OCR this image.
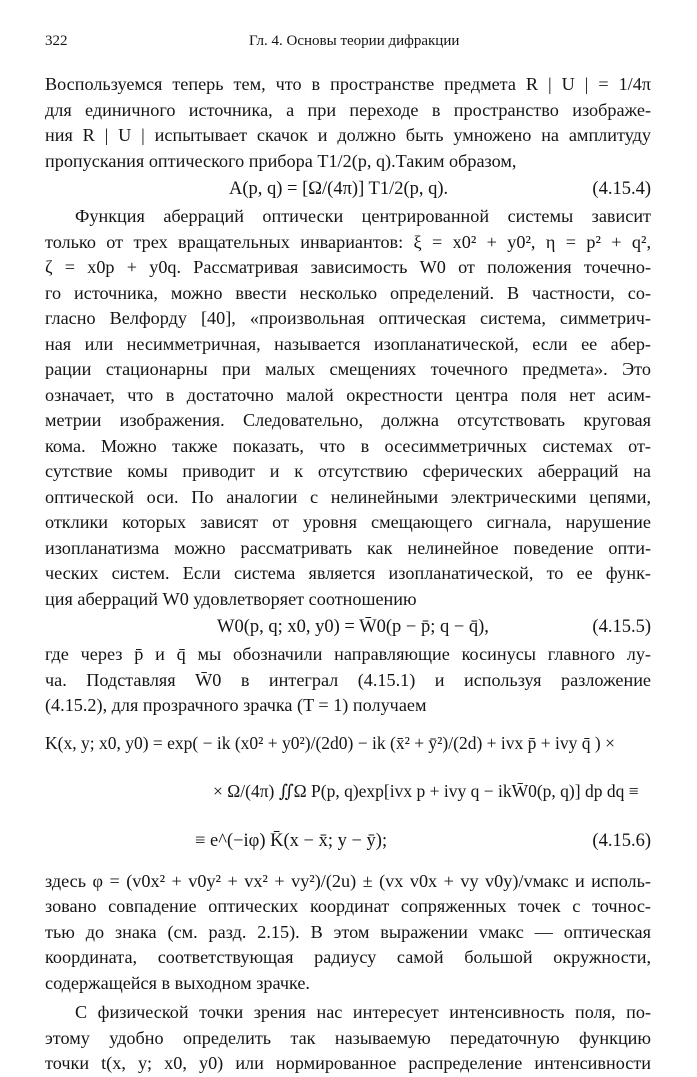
322	Гл. 4. Основы теории дифракции
Воспользуемся теперь тем, что в пространстве предмета R | U | = 1/4π
для единичного источника, а при переходе в пространство изображе-
ния R | U | испытывает скачок и должно быть умножено на амплитуду
пропускания оптического прибора T1/2(p, q).Таким образом,
A(p, q) = [Ω/(4π)] T1/2(p, q).	(4.15.4)
Функция аберраций оптически центрированной системы зависит
только от трех вращательных инвариантов: ξ = x0² + y0², η = p² + q²,
ζ = x0p + y0q. Рассматривая зависимость W0 от положения точечно-
го источника, можно ввести несколько определений. В частности, со-
гласно Велфорду [40], «произвольная оптическая система, симметрич-
ная или несимметричная, называется изопланатической, если ее абер-
рации стационарны при малых смещениях точечного предмета». Это
означает, что в достаточно малой окрестности центра поля нет асим-
метрии изображения. Следовательно, должна отсутствовать круговая
кома. Можно также показать, что в осесимметричных системах от-
сутствие комы приводит и к отсутствию сферических аберраций на
оптической оси. По аналогии с нелинейными электрическими цепями,
отклики которых зависят от уровня смещающего сигнала, нарушение
изопланатизма можно рассматривать как нелинейное поведение опти-
ческих систем. Если система является изопланатической, то ее функ-
ция аберраций W0 удовлетворяет соотношению
W0(p, q; x0, y0) = W̄0(p − p̄; q − q̄),	(4.15.5)
где через p̄ и q̄ мы обозначили направляющие косинусы главного лу-
ча. Подставляя W̄0 в интеграл (4.15.1) и используя разложение
(4.15.2), для прозрачного зрачка (T = 1) получаем
K(x, y; x0, y0) = exp( − ik (x0² + y0²)/(2d0) − ik (x̄² + ȳ²)/(2d) + ivx p̄ + ivy q̄ ) ×
× Ω/(4π) ∬Ω P(p, q)exp[ivx p + ivy q − ikW̄0(p, q)] dp dq ≡
≡ e^(−iφ) K̄(x − x̄; y − ȳ);	(4.15.6)
здесь φ = (v0x² + v0y² + vx² + vy²)/(2u) ± (vx v0x + vy v0y)/vмакс и исполь-
зовано совпадение оптических координат сопряженных точек с точнос-
тью до знака (см. разд. 2.15). В этом выражении vмакс — оптическая
координата, соответствующая радиусу самой большой окружности,
содержащейся в выходном зрачке.
С физической точки зрения нас интересует интенсивность поля, по-
этому удобно определить так называемую передаточную функцию
точки t(x, y; x0, y0) или нормированное распределение интенсивности
